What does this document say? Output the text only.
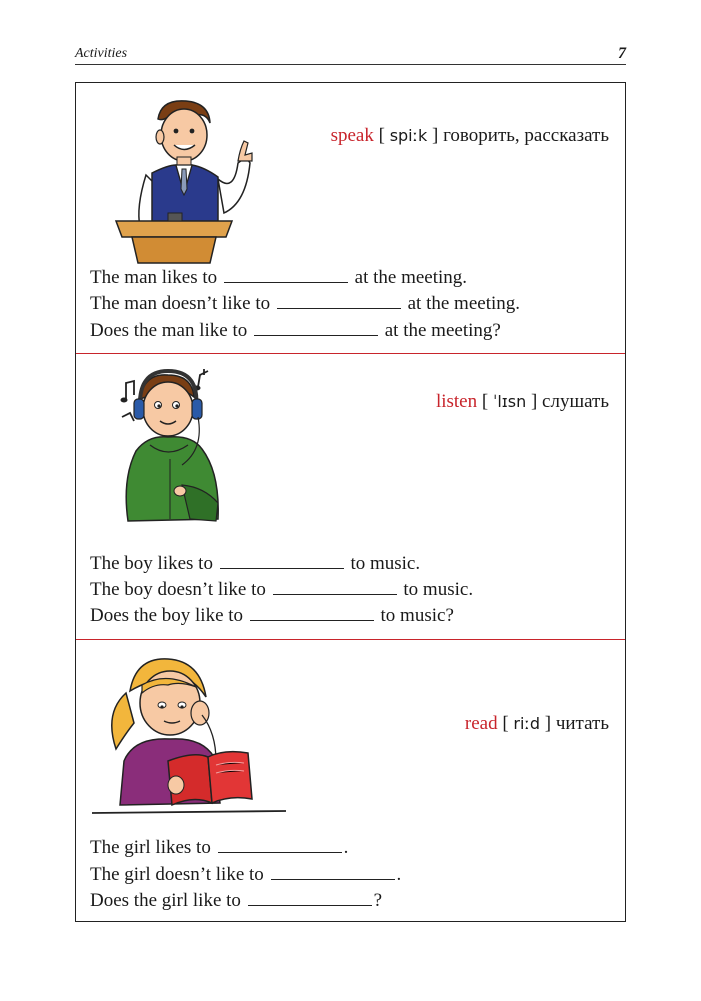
Activities	7
speak [ spiːk ] говорить, рассказать
The man likes to	at the meeting.
The man doesn’t like to	at the meeting.
Does the man like to	at the meeting?
listen [ ˈlɪsn ] слушать
The boy likes to	to music.
The boy doesn’t like to	to music.
Does the boy like to	to music?
read [ riːd ] читать
The girl likes to	.
The girl doesn’t like to	.
Does the girl like to	?
